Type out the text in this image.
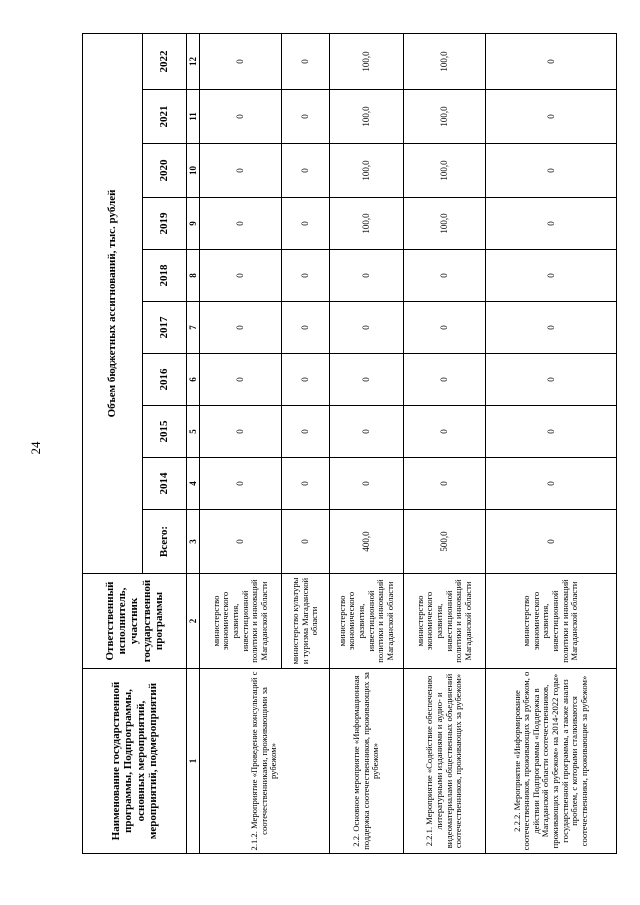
24
Наименование государственной программы, Подпрограммы, основных мероприятий, мероприятий, подмероприятий	Ответственный исполнитель, участник государственной программы	Объем бюджетных ассигнований, тыс. рублей									
		Всего:	2014	2015	2016	2017	2018	2019	2020	2021	2022
1	2	3	4	5	6	7	8	9	10	11	12
2.1.2. Мероприятие «Проведение консультаций с соотечественниками, проживающими за рубежом»	министерство экономического развития, инвестиционной политики и инноваций Магаданской области	0	0	0	0	0	0	0	0	0	0
	министерство культуры и туризма Магаданской области	0	0	0	0	0	0	0	0	0	0
2.2. Основное мероприятие «Информационная поддержка соотечественников, проживающих за рубежом»	министерство экономического развития, инвестиционной политики и инноваций Магаданской области	400,0	0	0	0	0	0	100,0	100,0	100,0	100,0
2.2.1. Мероприятие «Содействие обеспечению литературными изданиями и аудио- и видеоматериалами общественных объединений соотечественников, проживающих за рубежом»	министерство экономического развития, инвестиционной политики и инноваций Магаданской области	500,0	0	0	0	0	0	100,0	100,0	100,0	100,0
2.2.2. Мероприятие «Информирование соотечественников, проживающих за рубежом, о действии Подпрограммы «Поддержка в Магаданской области соотечественников, проживающих за рубежом» на 2014-2022 годы» государственной программы, а также анализ проблем, с которыми сталкиваются соотечественники, проживающие за рубежом»	министерство экономического развития, инвестиционной политики и инноваций Магаданской области	0	0	0	0	0	0	0	0	0	0
